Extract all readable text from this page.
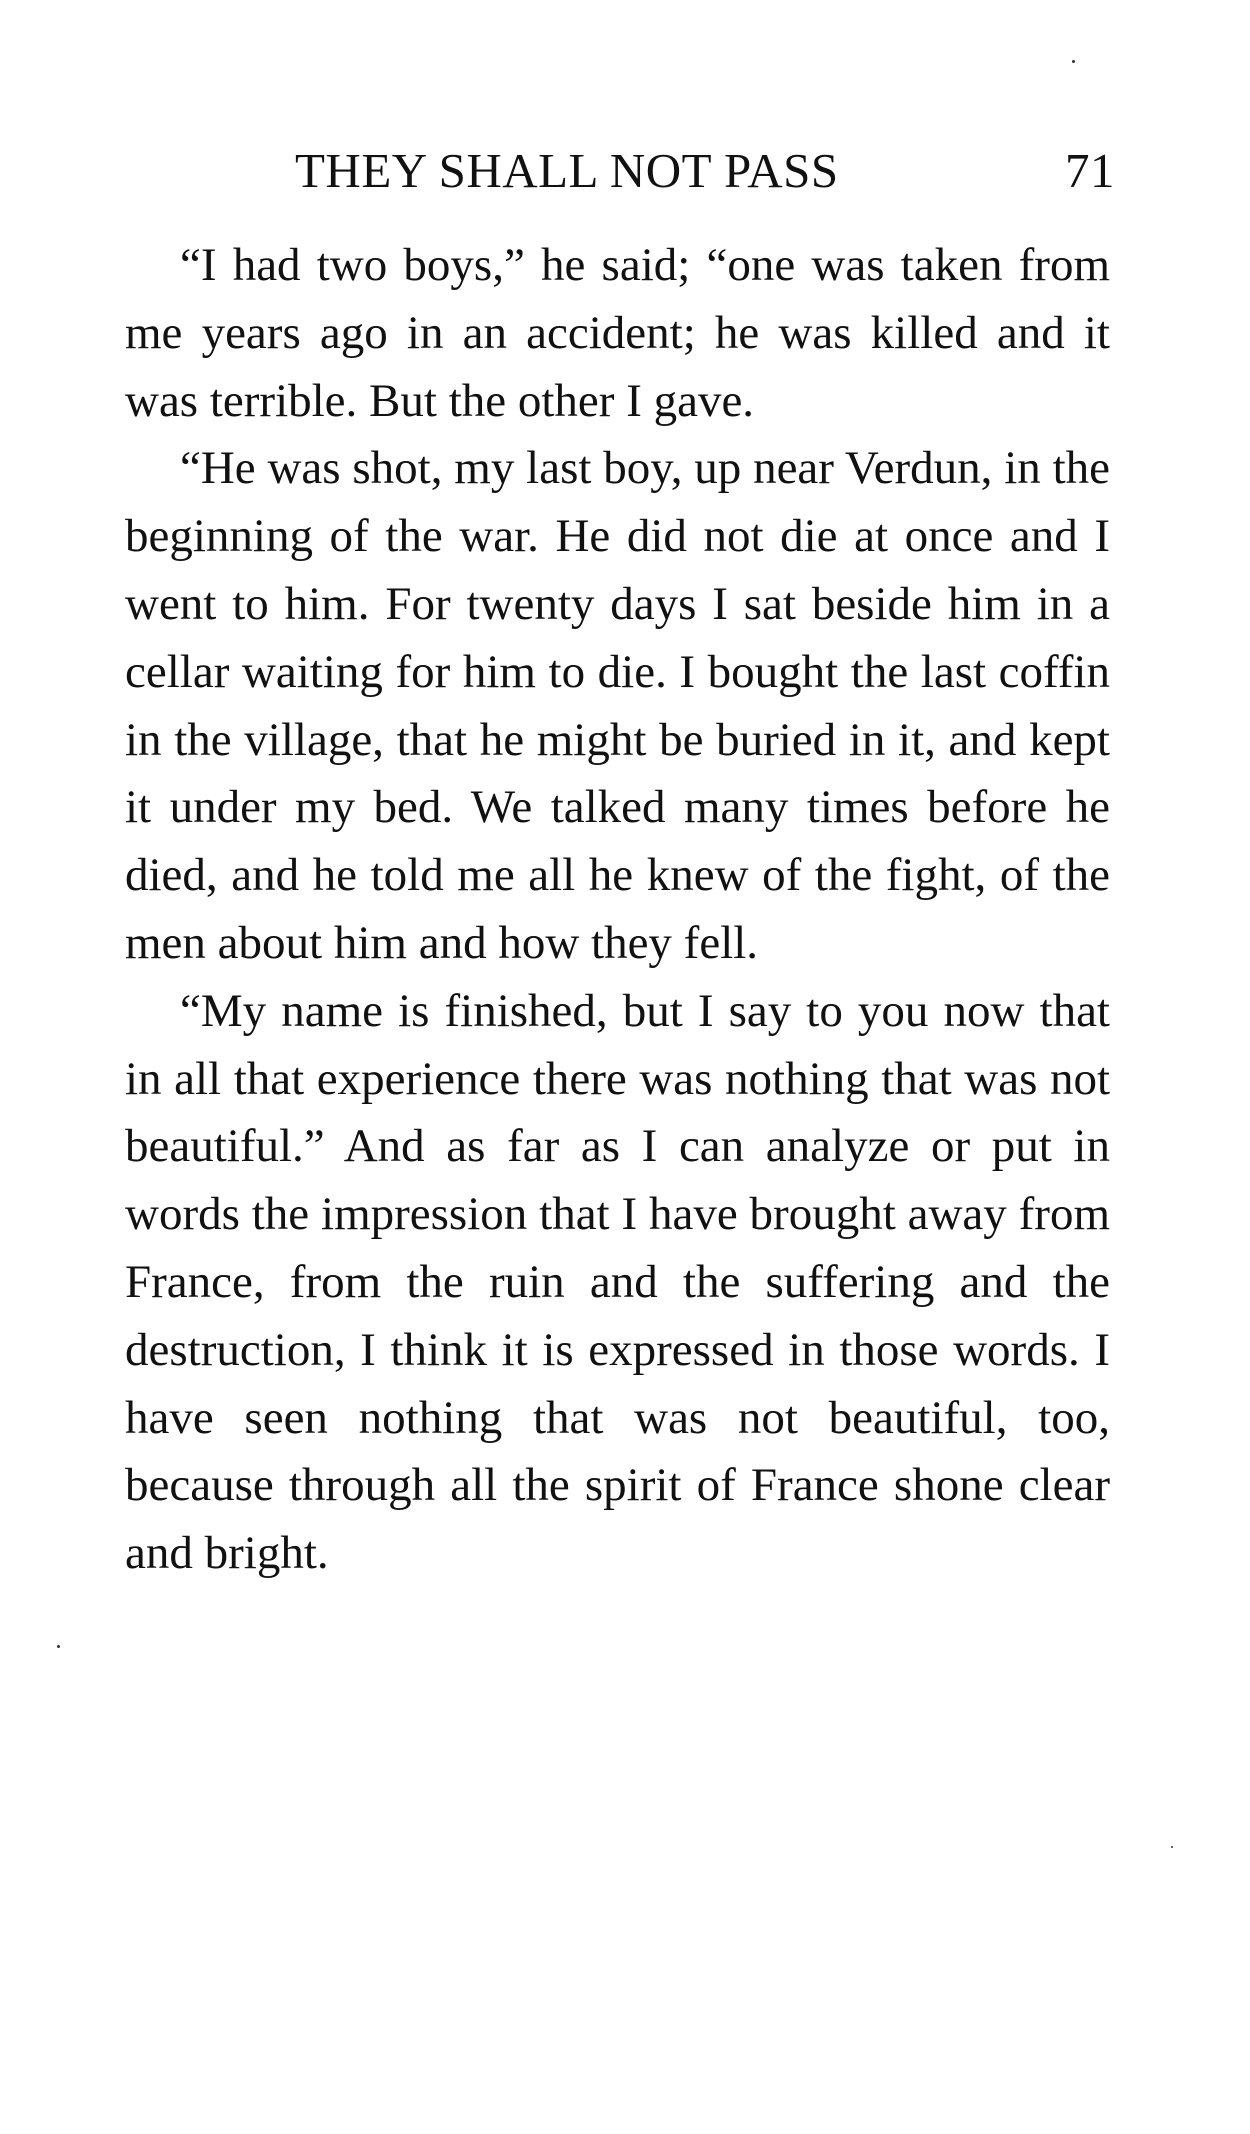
THEY SHALL NOT PASS	71

“I had two boys,” he said; “one was taken from me years ago in an accident; he was killed and it was terrible. But the other I gave.

“He was shot, my last boy, up near Verdun, in the beginning of the war. He did not die at once and I went to him. For twenty days I sat beside him in a cellar waiting for him to die. I bought the last coffin in the village, that he might be buried in it, and kept it under my bed. We talked many times before he died, and he told me all he knew of the fight, of the men about him and how they fell.

“My name is finished, but I say to you now that in all that experience there was nothing that was not beautiful.” And as far as I can analyze or put in words the impression that I have brought away from France, from the ruin and the suffering and the destruction, I think it is expressed in those words. I have seen nothing that was not beautiful, too, because through all the spirit of France shone clear and bright.
